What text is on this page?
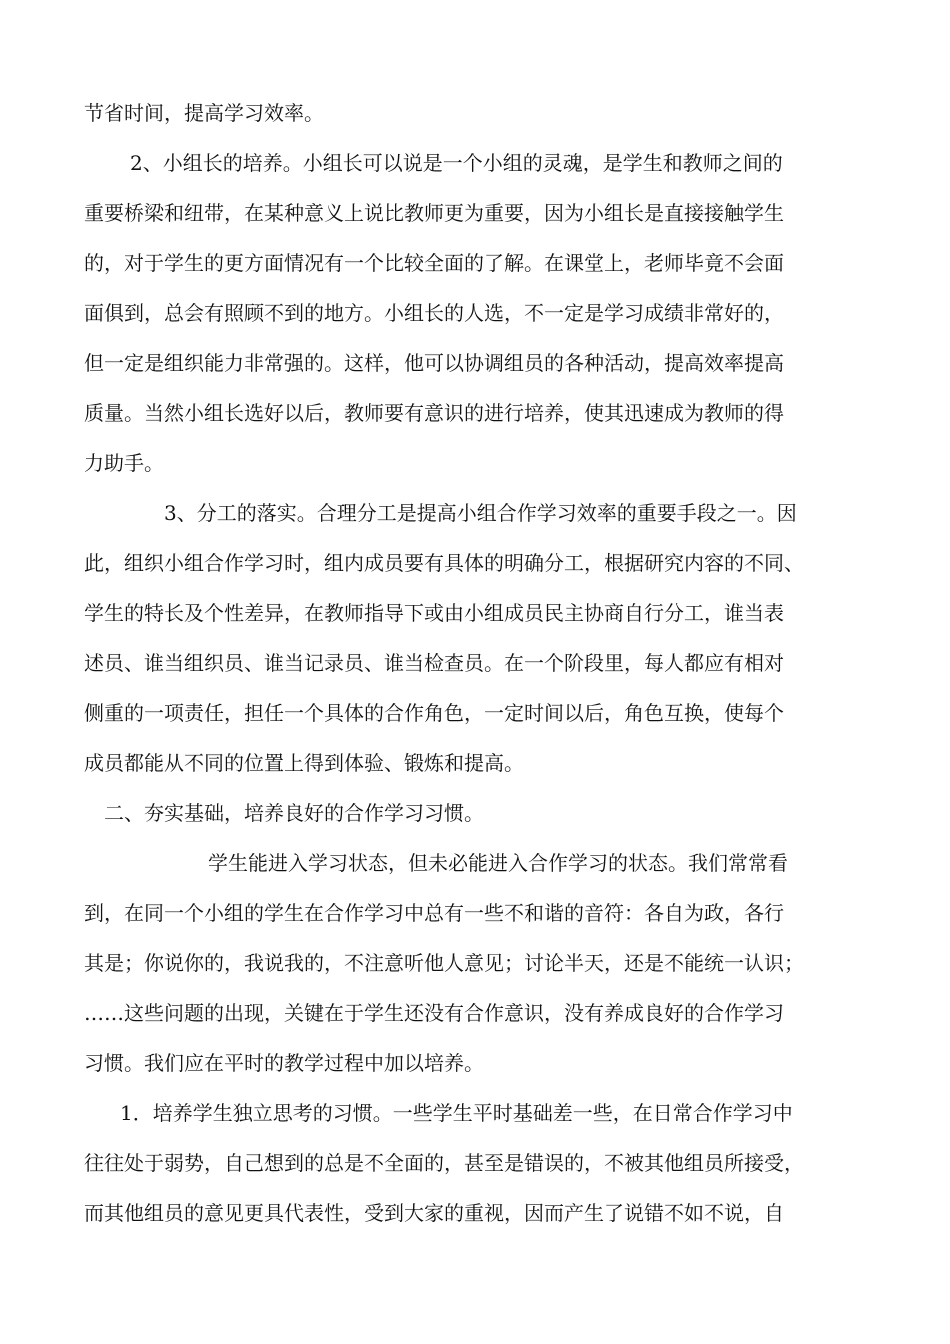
节省时间，提高学习效率。

2、小组长的培养。小组长可以说是一个小组的灵魂，是学生和教师之间的

重要桥梁和纽带，在某种意义上说比教师更为重要，因为小组长是直接接触学生

的，对于学生的更方面情况有一个比较全面的了解。在课堂上，老师毕竟不会面

面俱到，总会有照顾不到的地方。小组长的人选，不一定是学习成绩非常好的，

但一定是组织能力非常强的。这样，他可以协调组员的各种活动，提高效率提高

质量。当然小组长选好以后，教师要有意识的进行培养，使其迅速成为教师的得

力助手。

3、分工的落实。合理分工是提高小组合作学习效率的重要手段之一。因

此，组织小组合作学习时，组内成员要有具体的明确分工，根据研究内容的不同、

学生的特长及个性差异，在教师指导下或由小组成员民主协商自行分工，谁当表

述员、谁当组织员、谁当记录员、谁当检查员。在一个阶段里，每人都应有相对

侧重的一项责任，担任一个具体的合作角色，一定时间以后，角色互换，使每个

成员都能从不同的位置上得到体验、锻炼和提高。

二、夯实基础，培养良好的合作学习习惯。

学生能进入学习状态，但未必能进入合作学习的状态。我们常常看

到，在同一个小组的学生在合作学习中总有一些不和谐的音符：各自为政，各行

其是；你说你的，我说我的，不注意听他人意见；讨论半天，还是不能统一认识；

……这些问题的出现，关键在于学生还没有合作意识，没有养成良好的合作学习

习惯。我们应在平时的教学过程中加以培养。

1．培养学生独立思考的习惯。一些学生平时基础差一些，在日常合作学习中

往往处于弱势，自己想到的总是不全面的，甚至是错误的，不被其他组员所接受，

而其他组员的意见更具代表性，受到大家的重视，因而产生了说错不如不说，自
